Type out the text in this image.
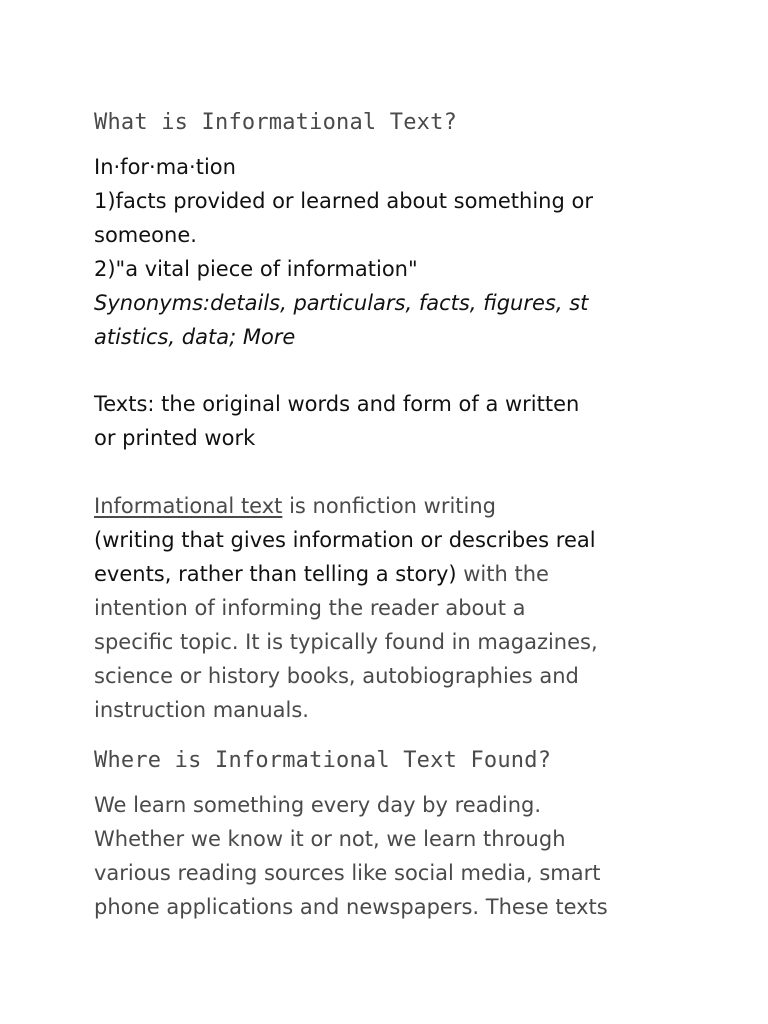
What is Informational Text?
In·for·ma·tion
1)facts provided or learned about something or
someone.
2)"a vital piece of information"
Synonyms:details, particulars, facts, figures, st
atistics, data; More
Texts: the original words and form of a written
or printed work
Informational text is nonfiction writing
(writing that gives information or describes real
events, rather than telling a story) with the
intention of informing the reader about a
specific topic. It is typically found in magazines,
science or history books, autobiographies and
instruction manuals.
Where is Informational Text Found?
We learn something every day by reading.
Whether we know it or not, we learn through
various reading sources like social media, smart
phone applications and newspapers. These texts
